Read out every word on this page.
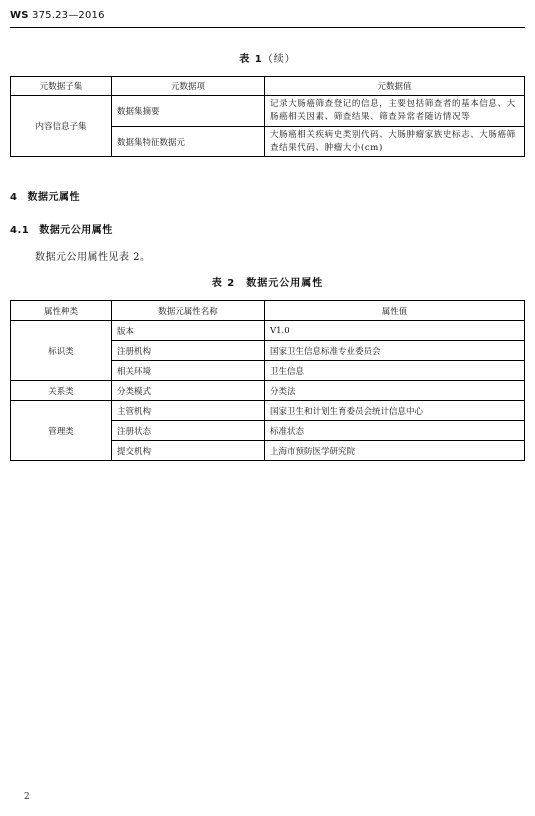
WS 375.23—2016
表 1（续）
元数据子集	元数据项	元数据值
内容信息子集	数据集摘要	记录大肠癌筛查登记的信息，主要包括筛查者的基本信息、大肠癌相关因素、筛查结果、筛查异常者随访情况等
	数据集特征数据元	大肠癌相关疾病史类别代码、大肠肿瘤家族史标志、大肠癌筛查结果代码、肿瘤大小(cm)
4 数据元属性
4.1 数据元公用属性
数据元公用属性见表 2。
表 2　数据元公用属性
属性种类	数据元属性名称	属性值
标识类	版本	V1.0
	注册机构	国家卫生信息标准专业委员会
	相关环境	卫生信息
关系类	分类模式	分类法
管理类	主管机构	国家卫生和计划生育委员会统计信息中心
	注册状态	标准状态
	提交机构	上海市预防医学研究院
2
